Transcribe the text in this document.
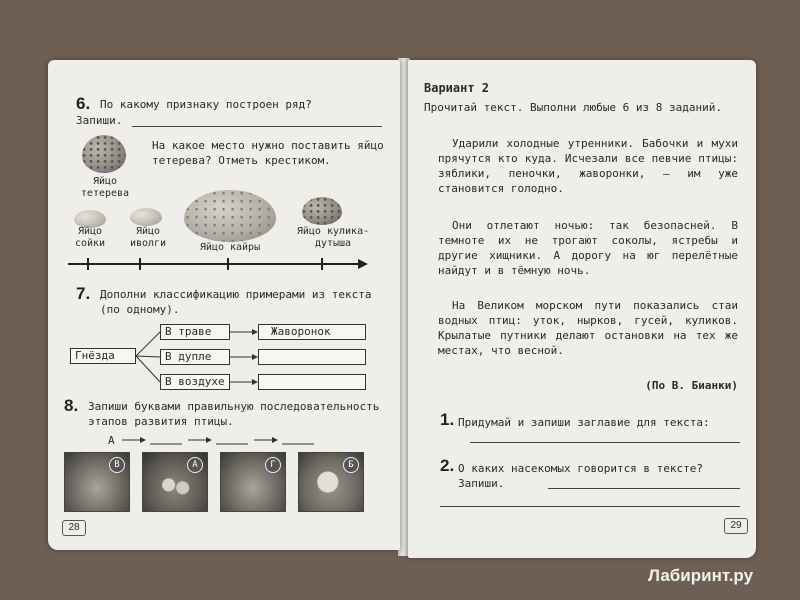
6. По какому признаку построен ряд?
Запиши.
Яйцо тетерева
На какое место нужно поставить яйцо тетерева? Отметь крестиком.
Яйцо сойки
Яйцо иволги	Яйцо кайры
Яйцо кулика-дутыша
7. Дополни классификацию примерами из текста (по одному).
Гнёзда
В траве
В дупле
В воздухе
Жаворонок
8. Запиши буквами правильную последовательность этапов развития птицы.
А
В	А	Г	Б
28
Вариант 2
Прочитай текст. Выполни любые 6 из 8 заданий.
Ударили холодные утренники. Бабочки и мухи прячутся кто куда. Исчезали все певчие птицы: зяблики, пеночки, жаворонки, — им уже становится голодно.
Они отлетают ночью: так безопасней. В темноте их не трогают соколы, ястребы и другие хищники. А дорогу на юг перелётные найдут и в тёмную ночь.
На Великом морском пути показались стаи водных птиц: уток, нырков, гусей, куликов. Крылатые путники делают остановки на тех же местах, что весной.
(По В. Бианки)
1. Придумай и запиши заглавие для текста:
2. О каких насекомых говорится в тексте? Запиши.
29
Лабиринт.ру
